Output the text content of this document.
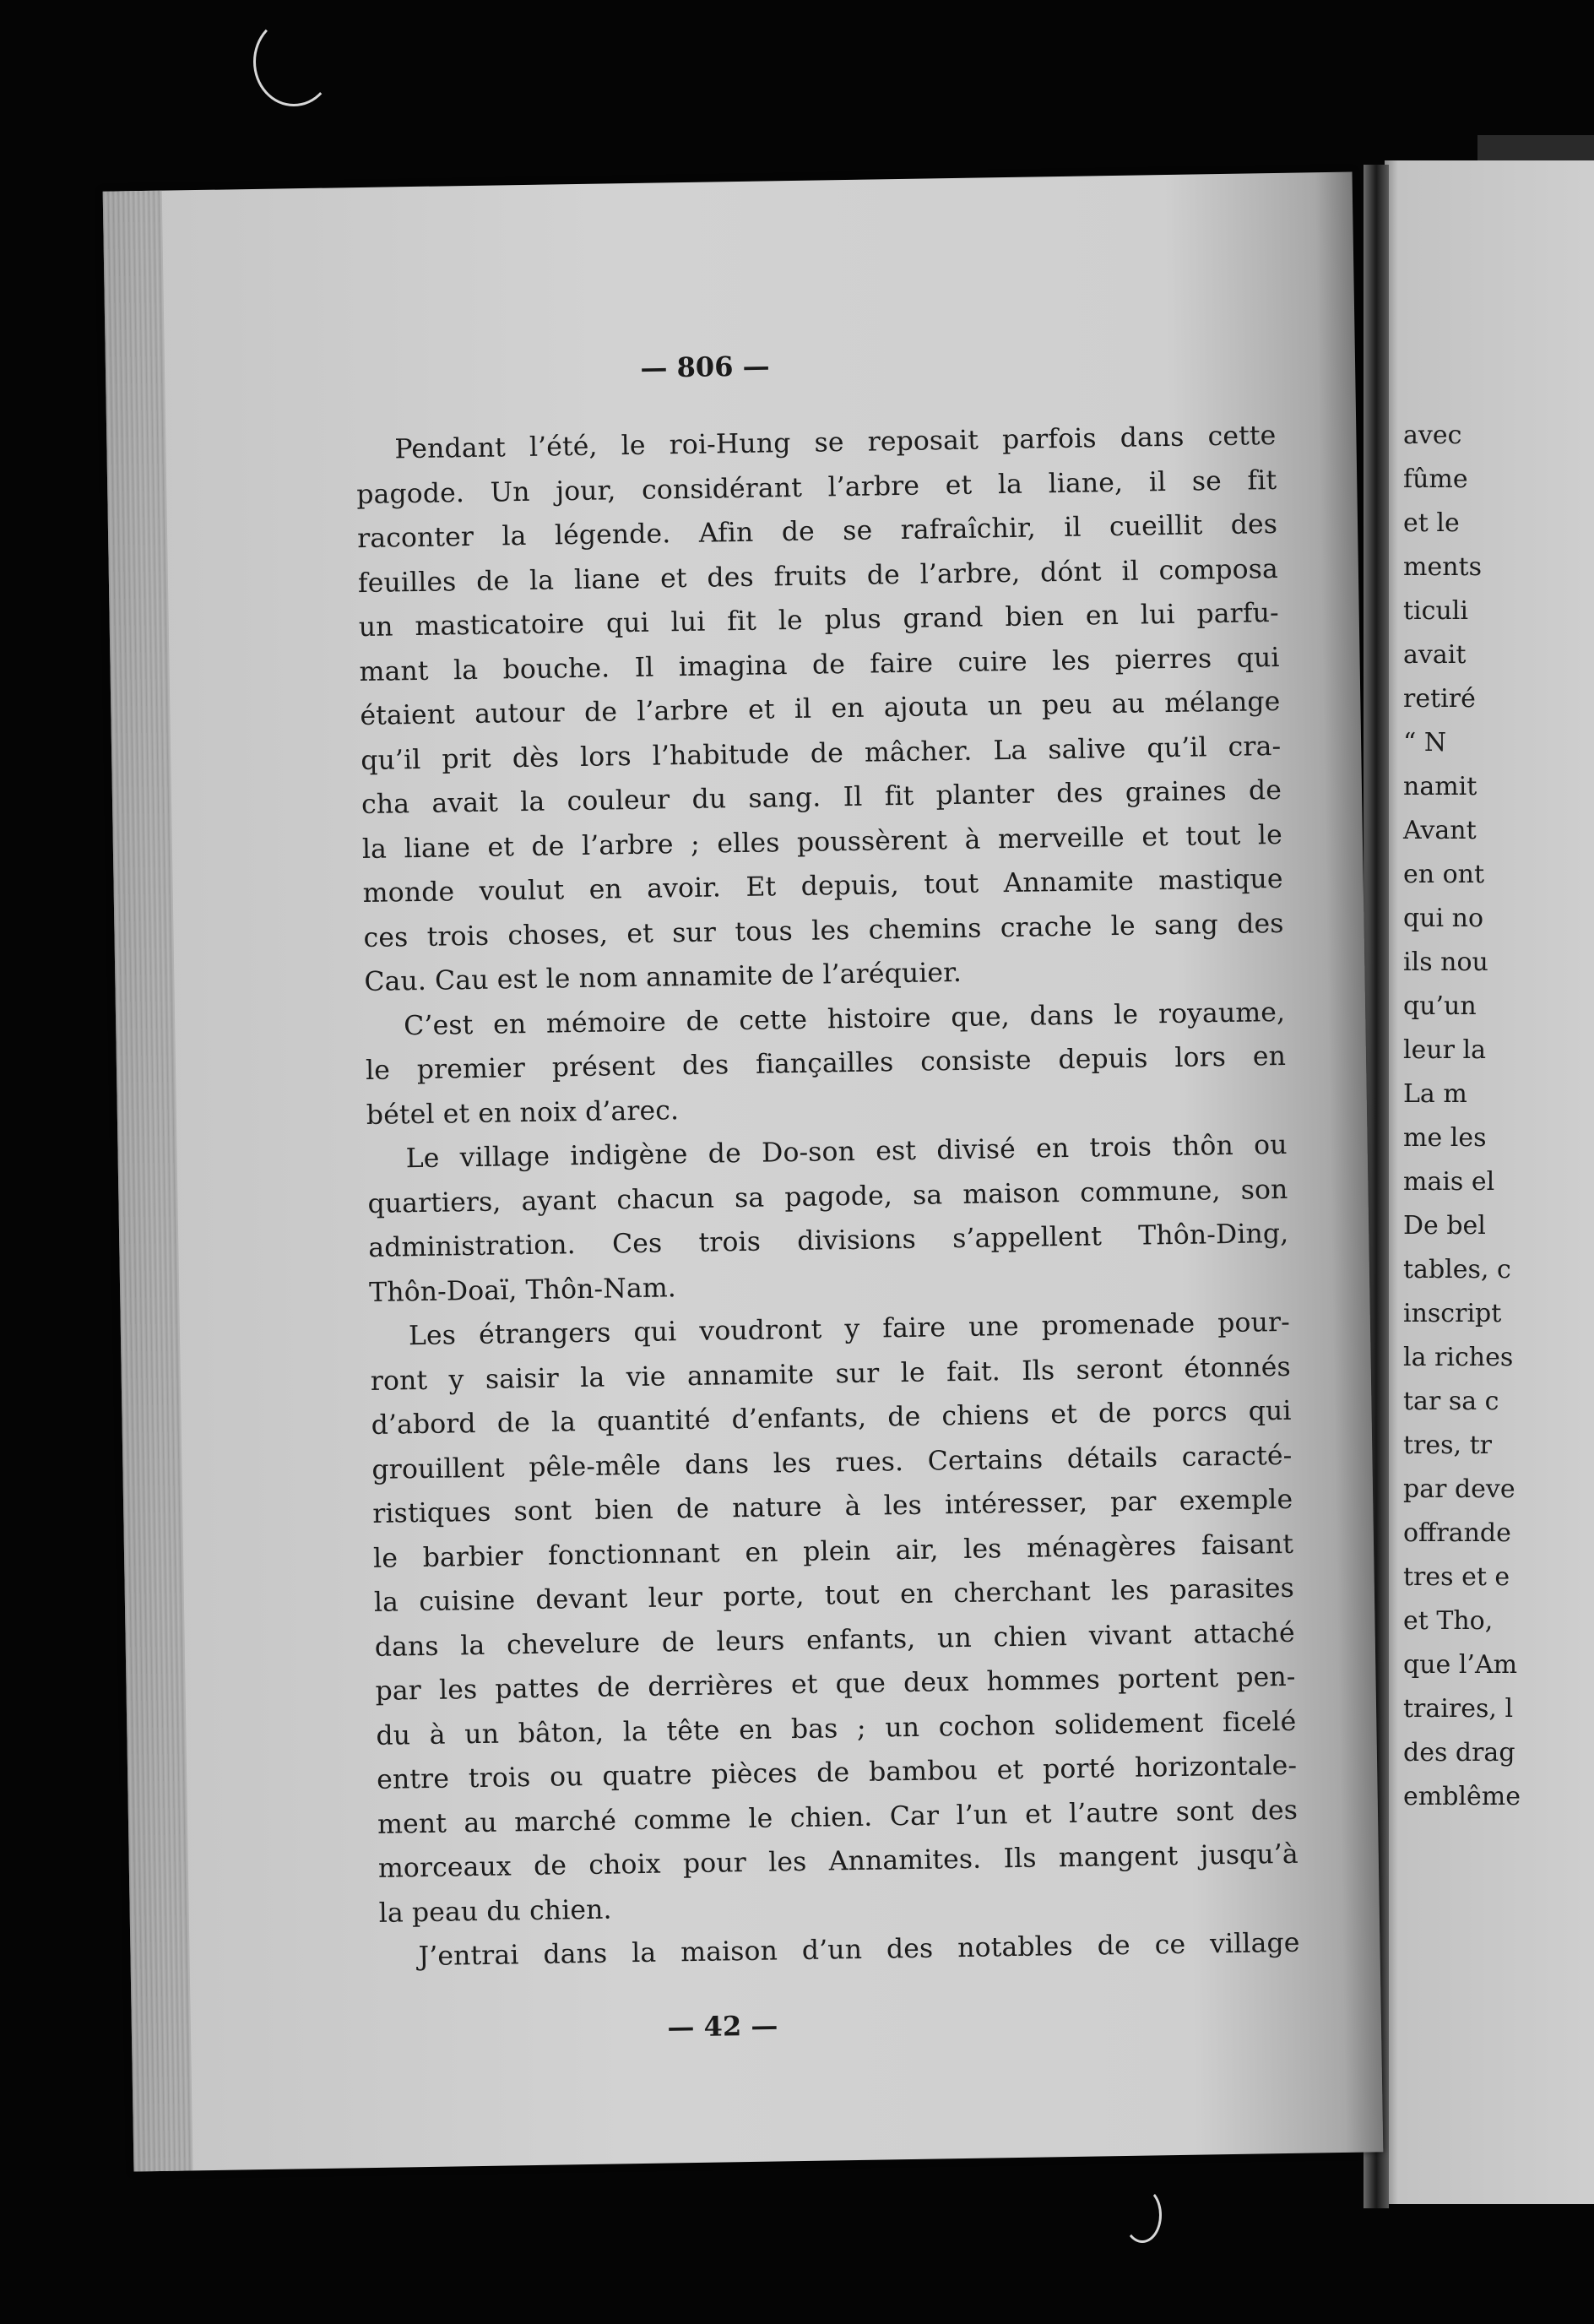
avec
fûme
et le
ments
ticuli
avait
retiré
“ N
namit
Avant
en ont
qui no
ils nou
qu’un
leur la
La m
me les
mais el
De bel
tables, c
inscript
la riches
tar sa c
tres, tr
par deve
offrande
tres et e
et Tho,
que l’Am
traires, l
des drag
emblême
— 806 —
Pendant l’été, le roi-Hung se reposait parfois dans cette
pagode. Un jour, considérant l’arbre et la liane, il se fit
raconter la légende. Afin de se rafraîchir, il cueillit des
feuilles de la liane et des fruits de l’arbre, dónt il composa
un masticatoire qui lui fit le plus grand bien en lui parfu-
mant la bouche. Il imagina de faire cuire les pierres qui
étaient autour de l’arbre et il en ajouta un peu au mélange
qu’il prit dès lors l’habitude de mâcher. La salive qu’il cra-
cha avait la couleur du sang. Il fit planter des graines de
la liane et de l’arbre ; elles poussèrent à merveille et tout le
monde voulut en avoir. Et depuis, tout Annamite mastique
ces trois choses, et sur tous les chemins crache le sang des
Cau. Cau est le nom annamite de l’aréquier.
C’est en mémoire de cette histoire que, dans le royaume,
le premier présent des fiançailles consiste depuis lors en
bétel et en noix d’arec.
Le village indigène de Do-son est divisé en trois thôn ou
quartiers, ayant chacun sa pagode, sa maison commune, son
administration. Ces trois divisions s’appellent Thôn-Ding,
Thôn-Doaï, Thôn-Nam.
Les étrangers qui voudront y faire une promenade pour-
ront y saisir la vie annamite sur le fait. Ils seront étonnés
d’abord de la quantité d’enfants, de chiens et de porcs qui
grouillent pêle-mêle dans les rues. Certains détails caracté-
ristiques sont bien de nature à les intéresser, par exemple
le barbier fonctionnant en plein air, les ménagères faisant
la cuisine devant leur porte, tout en cherchant les parasites
dans la chevelure de leurs enfants, un chien vivant attaché
par les pattes de derrières et que deux hommes portent pen-
du à un bâton, la tête en bas ; un cochon solidement ficelé
entre trois ou quatre pièces de bambou et porté horizontale-
ment au marché comme le chien. Car l’un et l’autre sont des
morceaux de choix pour les Annamites. Ils mangent jusqu’à
la peau du chien.
J’entrai dans la maison d’un des notables de ce village
— 42 —
